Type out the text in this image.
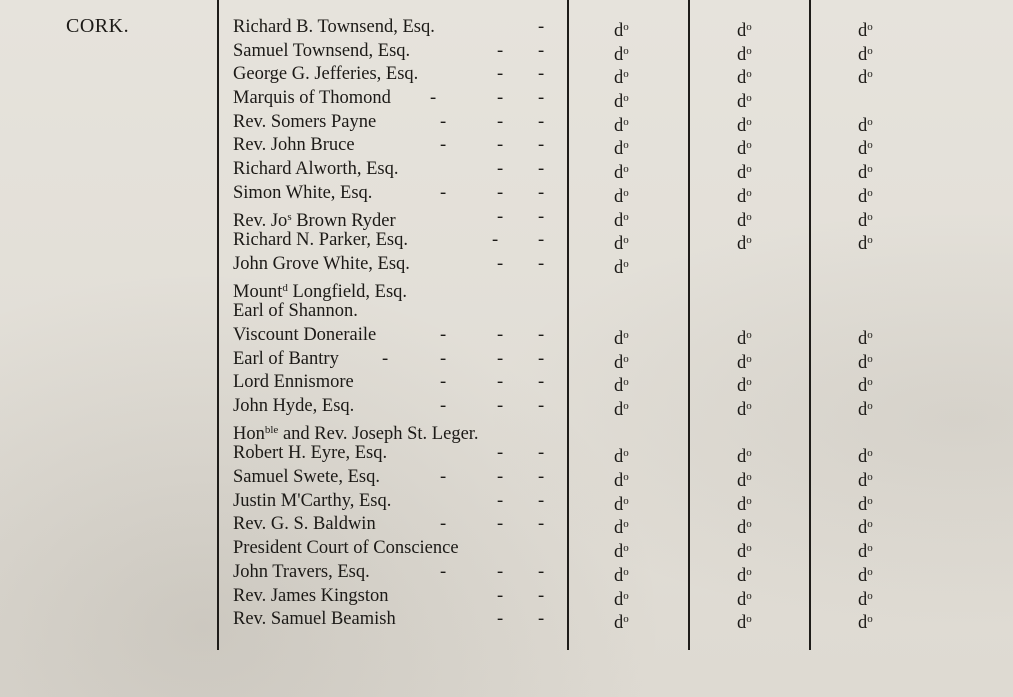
CORK.	Richard B. Townsend, Esq.	-	$d^o$	$d^o$	$d^o$
Samuel Townsend, Esq.	- -	$d^o$	$d^o$	$d^o$
George G. Jefferies, Esq.	- -	$d^o$	$d^o$	$d^o$
Marquis of Thomond -	- -	$d^o$	$d^o$
Rev. Somers Payne	-	- -	$d^o$	$d^o$	$d^o$
Rev. John Bruce	-	- -	$d^o$	$d^o$	$d^o$
Richard Alworth, Esq.	- -	$d^o$	$d^o$	$d^o$
Simon White, Esq.	-	- -	$d^o$	$d^o$	$d^o$
Rev. Jo$^s$ Brown Ryder	- -	$d^o$	$d^o$	$d^o$
Richard N. Parker, Esq.	- -	$d^o$	$d^o$	$d^o$
John Grove White, Esq.	- -	$d^o$
Mount$^d$ Longfield, Esq.
Earl of Shannon.
Viscount Doneraile	-	- -	$d^o$	$d^o$	$d^o$
Earl of Bantry -	-	- -	$d^o$	$d^o$	$d^o$
Lord Ennismore	-	- -	$d^o$	$d^o$	$d^o$
John Hyde, Esq.	-	- -	$d^o$	$d^o$	$d^o$
Hon$^{ble}$ and Rev. Joseph St. Leger.
Robert H. Eyre, Esq.	- -	$d^o$	$d^o$	$d^o$
Samuel Swete, Esq.	-	- -	$d^o$	$d^o$	$d^o$
Justin M'Carthy, Esq.	- -	$d^o$	$d^o$	$d^o$
Rev. G. S. Baldwin	-	- -	$d^o$	$d^o$	$d^o$
President Court of Conscience	$d^o$	$d^o$	$d^o$
John Travers, Esq.	-	- -	$d^o$	$d^o$	$d^o$
Rev. James Kingston	- -	$d^o$	$d^o$	$d^o$
Rev. Samuel Beamish	- -	$d^o$	$d^o$	$d^o$
